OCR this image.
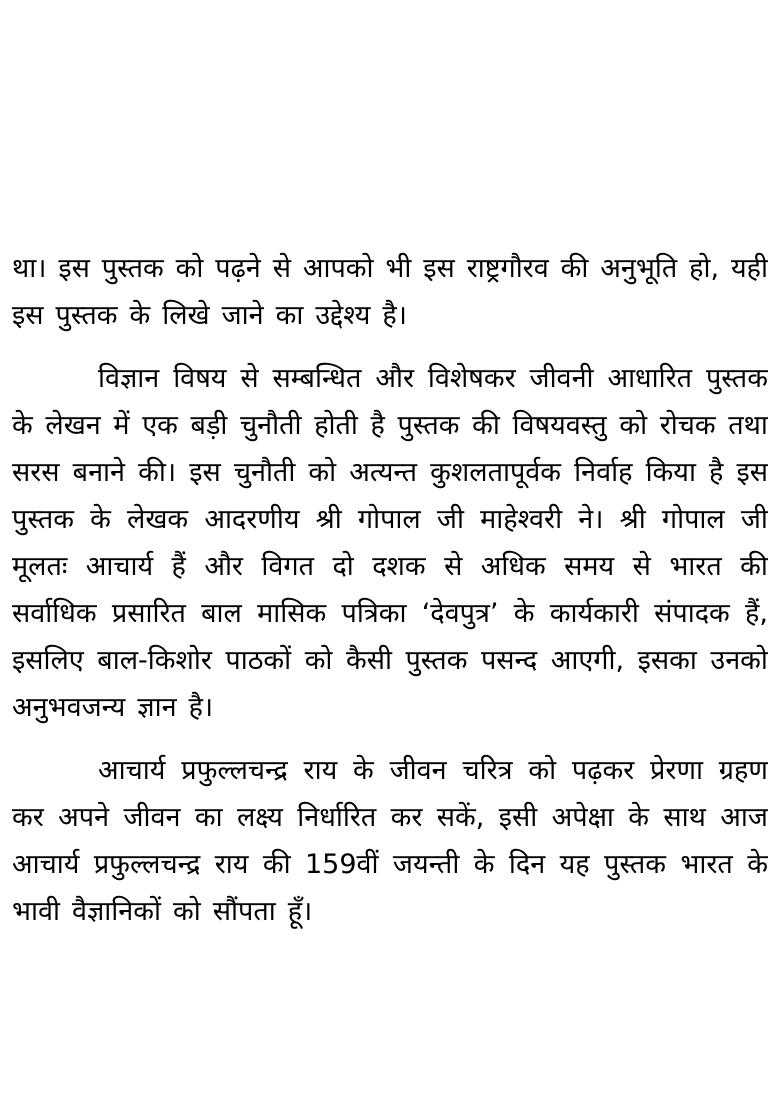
था। इस पुस्तक को पढ़ने से आपको भी इस राष्ट्रगौरव की अनुभूति हो, यही
इस पुस्तक के लिखे जाने का उद्देश्य है।
विज्ञान विषय से सम्बन्धित और विशेषकर जीवनी आधारित पुस्तक
के लेखन में एक बड़ी चुनौती होती है पुस्तक की विषयवस्तु को रोचक तथा
सरस बनाने की। इस चुनौती को अत्यन्त कुशलतापूर्वक निर्वाह किया है इस
पुस्तक के लेखक आदरणीय श्री गोपाल जी माहेश्वरी ने। श्री गोपाल जी
मूलतः आचार्य हैं और विगत दो दशक से अधिक समय से भारत की
सर्वाधिक प्रसारित बाल मासिक पत्रिका ‘देवपुत्र’ के कार्यकारी संपादक हैं,
इसलिए बाल-किशोर पाठकों को कैसी पुस्तक पसन्द आएगी, इसका उनको
अनुभवजन्य ज्ञान है।
आचार्य प्रफुल्लचन्द्र राय के जीवन चरित्र को पढ़कर प्रेरणा ग्रहण
कर अपने जीवन का लक्ष्य निर्धारित कर सकें, इसी अपेक्षा के साथ आज
आचार्य प्रफुल्लचन्द्र राय की 159वीं जयन्ती के दिन यह पुस्तक भारत के
भावी वैज्ञानिकों को सौंपता हूँ।
